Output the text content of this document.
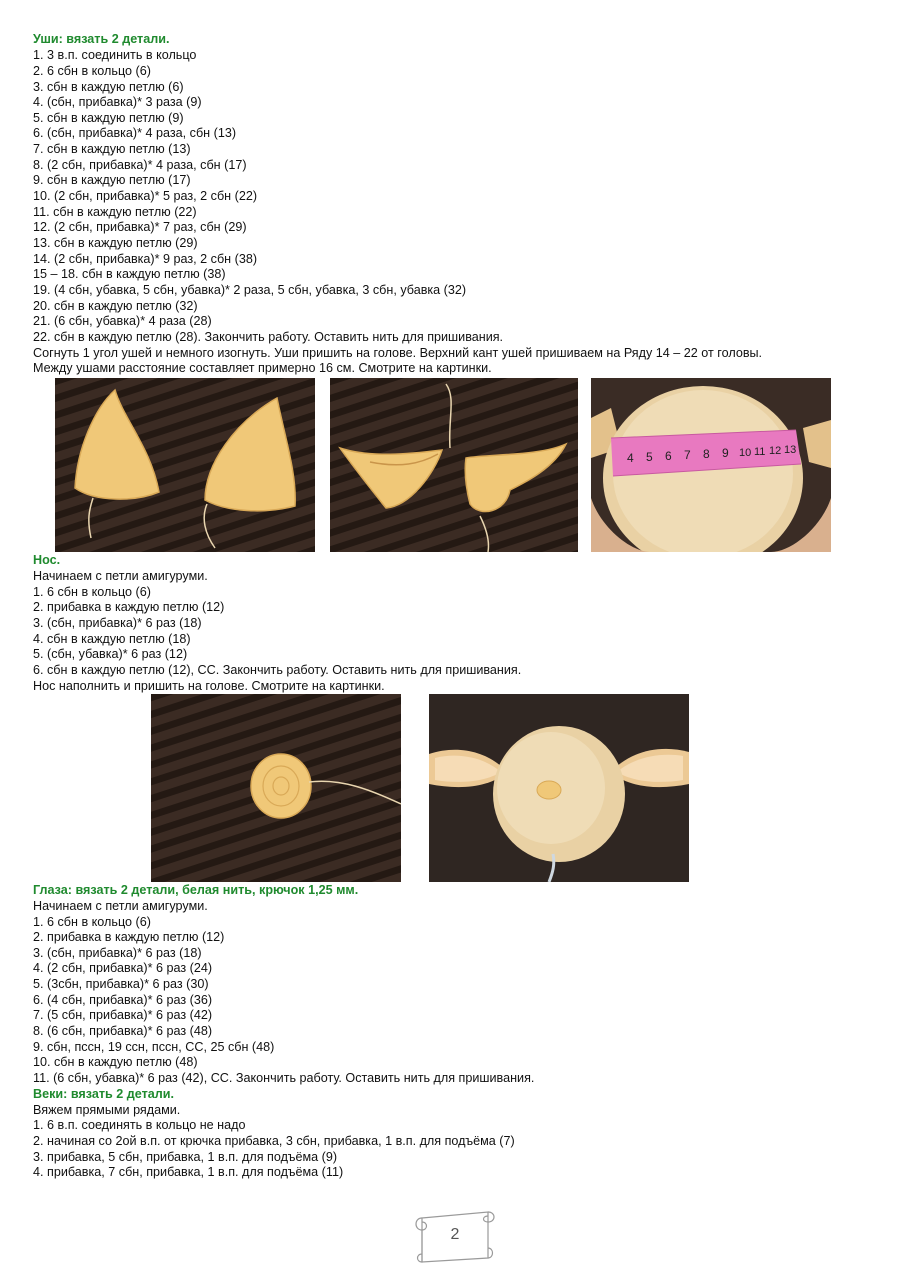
Уши: вязать 2 детали.
1. 3 в.п. соединить в кольцо
2. 6 сбн в кольцо (6)
3. сбн в каждую петлю (6)
4. (сбн, прибавка)* 3 раза (9)
5. сбн в каждую петлю (9)
6. (сбн, прибавка)* 4 раза, сбн (13)
7. сбн в каждую петлю (13)
8. (2 сбн, прибавка)* 4 раза, сбн (17)
9. сбн в каждую петлю (17)
10. (2 сбн, прибавка)* 5 раз, 2 сбн (22)
11. сбн в каждую петлю (22)
12. (2 сбн, прибавка)* 7 раз, сбн (29)
13. сбн в каждую петлю (29)
14. (2 сбн, прибавка)* 9 раз, 2 сбн (38)
15 – 18. сбн в каждую петлю (38)
19. (4 сбн, убавка, 5 сбн, убавка)* 2 раза, 5 сбн, убавка, 3 сбн, убавка (32)
20. сбн в каждую петлю (32)
21. (6 сбн, убавка)* 4 раза (28)
22. сбн в каждую петлю (28). Закончить работу. Оставить нить для пришивания.
Согнуть 1 угол ушей и немного изогнуть. Уши пришить на голове. Верхний кант ушей пришиваем на Ряду 14 – 22 от головы.
Между ушами расстояние составляет примерно 16 см. Смотрите на картинки.
4 5 6 7 8 9 10 11 12 13
Нос.
Начинаем с петли амигуруми.
1. 6 сбн в кольцо (6)
2. прибавка в каждую петлю (12)
3. (сбн, прибавка)* 6 раз (18)
4. сбн в каждую петлю (18)
5. (сбн, убавка)* 6 раз (12)
6. сбн в каждую петлю (12), СС. Закончить работу. Оставить нить для пришивания.
Нос наполнить и пришить на голове. Смотрите на картинки.
Глаза: вязать 2 детали, белая нить, крючок 1,25 мм.
Начинаем с петли амигуруми.
1. 6 сбн в кольцо (6)
2. прибавка в каждую петлю (12)
3. (сбн, прибавка)* 6 раз (18)
4. (2 сбн, прибавка)* 6 раз (24)
5. (3сбн, прибавка)* 6 раз (30)
6. (4 сбн, прибавка)* 6 раз (36)
7. (5 сбн, прибавка)* 6 раз (42)
8. (6 сбн, прибавка)* 6 раз (48)
9. сбн, пссн, 19 ссн, пссн, СС, 25 сбн (48)
10. сбн в каждую петлю (48)
11. (6 сбн, убавка)* 6 раз (42), СС. Закончить работу. Оставить нить для пришивания.
Веки: вязать 2 детали.
Вяжем прямыми рядами.
1. 6 в.п. соединять в кольцо не надо
2. начиная со 2ой в.п. от крючка прибавка, 3 сбн, прибавка, 1 в.п. для подъёма (7)
3. прибавка, 5 сбн, прибавка, 1 в.п. для подъёма (9)
4. прибавка, 7 сбн, прибавка, 1 в.п. для подъёма (11)
2
